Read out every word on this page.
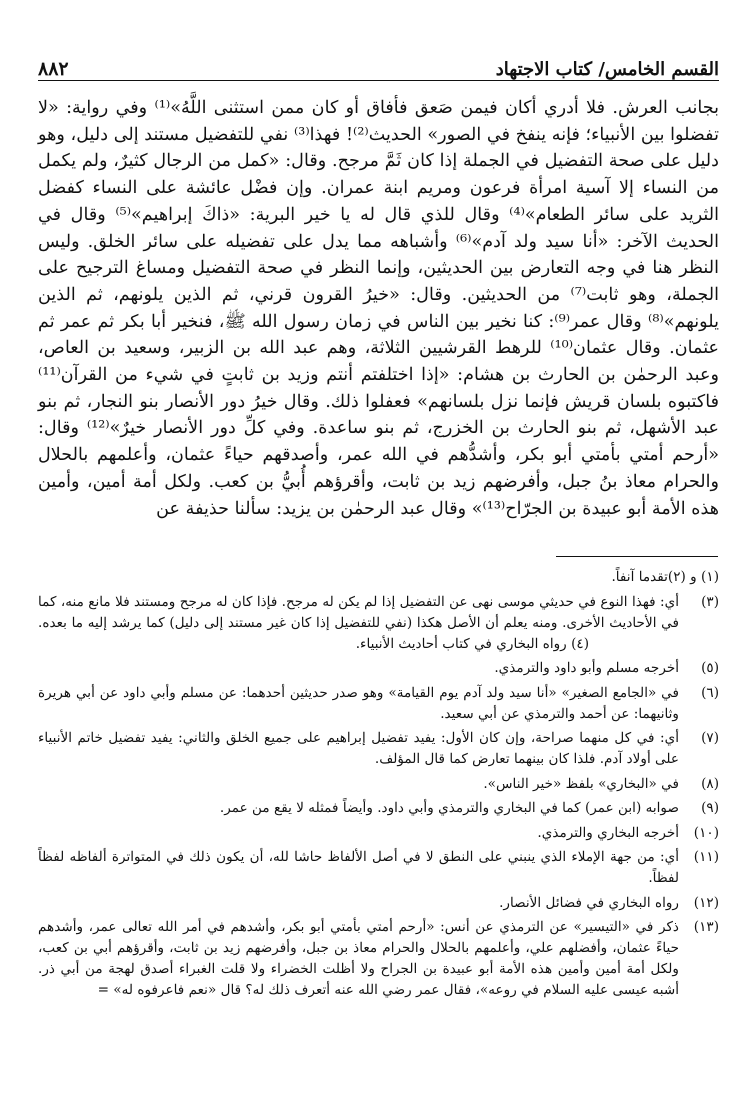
القسم الخامس/ كتاب الاجتهاد
٨٨٢
بجانب العرش. فلا أدري أكان فيمن صَعق فأفاق أو كان ممن استثنى اللَّهُ»⁽¹⁾ وفي رواية: «لا تفضلوا بين الأنبياء؛ فإنه ينفخ في الصور» الحديث⁽²⁾! فهذا⁽³⁾ نفي للتفضيل مستند إلى دليل، وهو دليل على صحة التفضيل في الجملة إذا كان ثَمَّ مرجح. وقال: «كمل من الرجال كثيرٌ، ولم يكمل من النساء إلا آسية امرأة فرعون ومريم ابنة عمران. وإن فضْل عائشة على النساء كفضل الثريد على سائر الطعام»⁽⁴⁾ وقال للذي قال له يا خير البرية: «ذاكَ إبراهيم»⁽⁵⁾ وقال في الحديث الآخر: «أنا سيد ولد آدم»⁽⁶⁾ وأشباهه مما يدل على تفضيله على سائر الخلق. وليس النظر هنا في وجه التعارض بين الحديثين، وإنما النظر في صحة التفضيل ومساغ الترجيح على الجملة، وهو ثابت⁽⁷⁾ من الحديثين. وقال: «خيرُ القرون قرني، ثم الذين يلونهم، ثم الذين يلونهم»⁽⁸⁾ وقال عمر⁽⁹⁾: كنا نخير بين الناس في زمان رسول الله ﷺ، فنخير أبا بكر ثم عمر ثم عثمان. وقال عثمان⁽¹⁰⁾ للرهط القرشيين الثلاثة، وهم عبد الله بن الزبير، وسعيد بن العاص، وعبد الرحمٰن بن الحارث بن هشام: «إذا اختلفتم أنتم وزيد بن ثابتٍ في شيء من القرآن⁽¹¹⁾ فاكتبوه بلسان قريش فإنما نزل بلسانهم» فعفلوا ذلك. وقال خيرُ دور الأنصار بنو النجار، ثم بنو عبد الأشهل، ثم بنو الحارث بن الخزرج، ثم بنو ساعدة. وفي كلِّ دور الأنصار خيرٌ»⁽¹²⁾ وقال: «أرحم أمتي بأمتي أبو بكر، وأشدُّهم في الله عمر، وأصدقهم حياءً عثمان، وأعلمهم بالحلال والحرام معاذ بنُ جبل، وأفرضهم زيد بن ثابت، وأقرؤهم أُبيُّ بن كعب. ولكل أمة أمين، وأمين هذه الأمة أبو عبيدة بن الجرّاح⁽¹³⁾» وقال عبد الرحمٰن بن يزيد: سألنا حذيفة عن
(١) و (٢)
تقدما آنفاً.
(٣)
أي: فهذا النوع في حديثي موسى نهى عن التفضيل إذا لم يكن له مرجح. فإذا كان له مرجح ومستند فلا مانع منه، كما في الأحاديث الأخرى. ومنه يعلم أن الأصل هكذا (نفي للتفضيل إذا كان غير مستند إلى دليل) كما يرشد إليه ما بعده.(٤) رواه البخاري في كتاب أحاديث الأنبياء.
(٥)
أخرجه مسلم وأبو داود والترمذي.
(٦)
في «الجامع الصغير» «أنا سيد ولد آدم يوم القيامة» وهو صدر حديثين أحدهما: عن مسلم وأبي داود عن أبي هريرة وثانيهما: عن أحمد والترمذي عن أبي سعيد.
(٧)
أي: في كل منهما صراحة، وإن كان الأول: يفيد تفضيل إبراهيم على جميع الخلق والثاني: يفيد تفضيل خاتم الأنبياء على أولاد آدم. فلذا كان بينهما تعارض كما قال المؤلف.
(٨)
في «البخاري» بلفظ «خير الناس».
(٩)
صوابه (ابن عمر) كما في البخاري والترمذي وأبي داود. وأيضاً فمثله لا يقع من عمر.
(١٠)
أخرجه البخاري والترمذي.
(١١)
أي: من جهة الإملاء الذي ينبني على النطق لا في أصل الألفاظ حاشا لله، أن يكون ذلك في المتواترة ألفاظه لفظاً لفظاً.
(١٢)
رواه البخاري في فضائل الأنصار.
(١٣)
ذكر في «التيسير» عن الترمذي عن أنس: «أرحم أمتي بأمتي أبو بكر، وأشدهم في أمر الله تعالى عمر، وأشدهم حياءً عثمان، وأفضلهم علي، وأعلمهم بالحلال والحرام معاذ بن جبل، وأفرضهم زيد بن ثابت، وأقرؤهم أبي بن كعب، ولكل أمة أمين وأمين هذه الأمة أبو عبيدة بن الجراح ولا أظلت الخضراء ولا قلت الغبراء أصدق لهجة من أبي ذر. أشبه عيسى عليه السلام في روعه»، فقال عمر رضي الله عنه أتعرف ذلك له؟ قال «نعم فاعرفوه له» =
